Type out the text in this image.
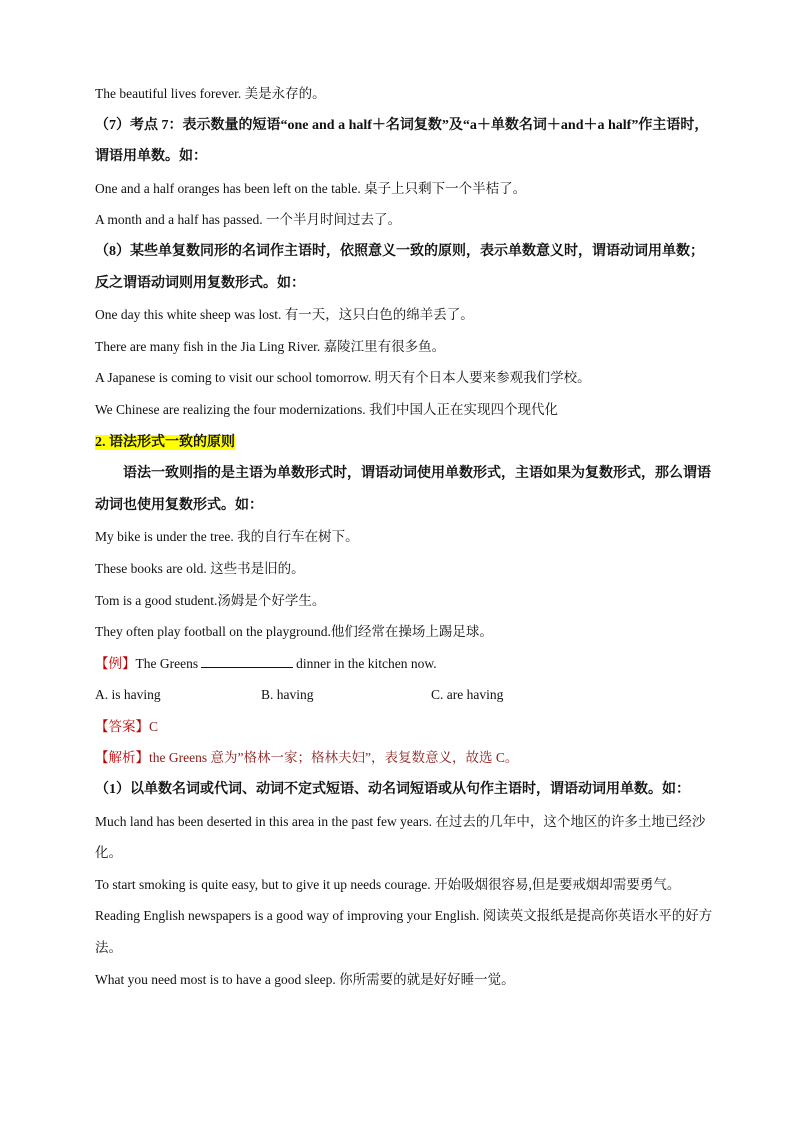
The beautiful lives forever. 美是永存的。

（7）考点 7：表示数量的短语“one and a half＋名词复数”及“a＋单数名词＋and＋a half”作主语时，

谓语用单数。如：

One and a half oranges has been left on the table. 桌子上只剩下一个半桔了。

A month and a half has passed. 一个半月时间过去了。

（8）某些单复数同形的名词作主语时，依照意义一致的原则，表示单数意义时，谓语动词用单数；

反之谓语动词则用复数形式。如：

One day this white sheep was lost. 有一天，这只白色的绵羊丢了。

There are many fish in the Jia Ling River. 嘉陵江里有很多鱼。

A Japanese is coming to visit our school tomorrow. 明天有个日本人要来参观我们学校。

We Chinese are realizing the four modernizations. 我们中国人正在实现四个现代化

2. 语法形式一致的原则

语法一致则指的是主语为单数形式时，谓语动词使用单数形式，主语如果为复数形式，那么谓语

动词也使用复数形式。如：

My bike is under the tree. 我的自行车在树下。

These books are old. 这些书是旧的。

Tom is a good student.汤姆是个好学生。

They often play football on the playground.他们经常在操场上踢足球。

【例】The Greens	dinner in the kitchen now.

A. is having	B. having	C. are having

【答案】C

【解析】the Greens 意为”格林一家；格林夫妇”，表复数意义，故选 C。

（1）以单数名词或代词、动词不定式短语、动名词短语或从句作主语时，谓语动词用单数。如：

Much land has been deserted in this area in the past few years. 在过去的几年中，这个地区的许多土地已经沙化。

To start smoking is quite easy, but to give it up needs courage. 开始吸烟很容易,但是要戒烟却需要勇气。

Reading English newspapers is a good way of improving your English. 阅读英文报纸是提高你英语水平的好方法。

What you need most is to have a good sleep. 你所需要的就是好好睡一觉。
